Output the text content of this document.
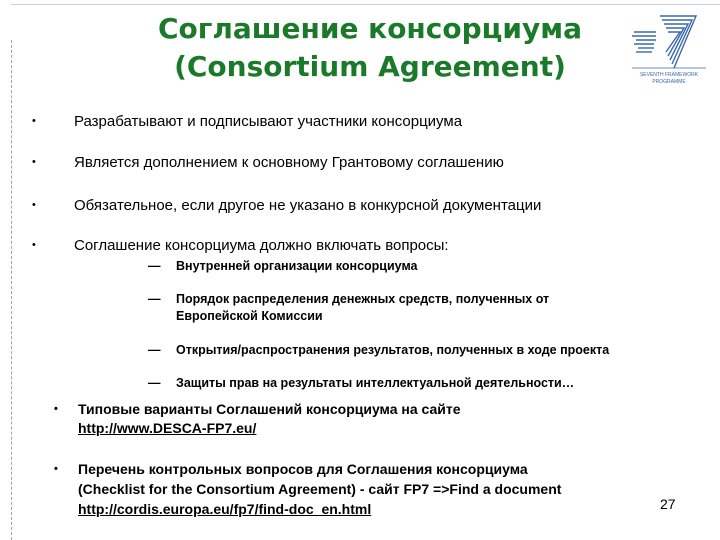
Соглашение консорциума
(Consortium Agreement)	SEVENTH FRAMEWORK
PROGRAMME
•	Разрабатывают и подписывают участники консорциума
•	Является дополнением к основному Грантовому соглашению
•	Обязательное, если другое не указано в конкурсной документации
•	Соглашение консорциума должно включать вопросы:
— Внутренней организации консорциума
— Порядок распределения денежных средств, полученных от
Европейской Комиссии
— Открытия/распространения результатов, полученных в ходе проекта
— Защиты прав на результаты интеллектуальной деятельности…
• Типовые варианты Соглашений консорциума на сайте
http://www.DESCA-FP7.eu/
• Перечень контрольных вопросов для Соглашения консорциума
(Checklist for the Consortium Agreement) - сайт FP7 =>Find a document
http://cordis.europa.eu/fp7/find-doc_en.html	27
